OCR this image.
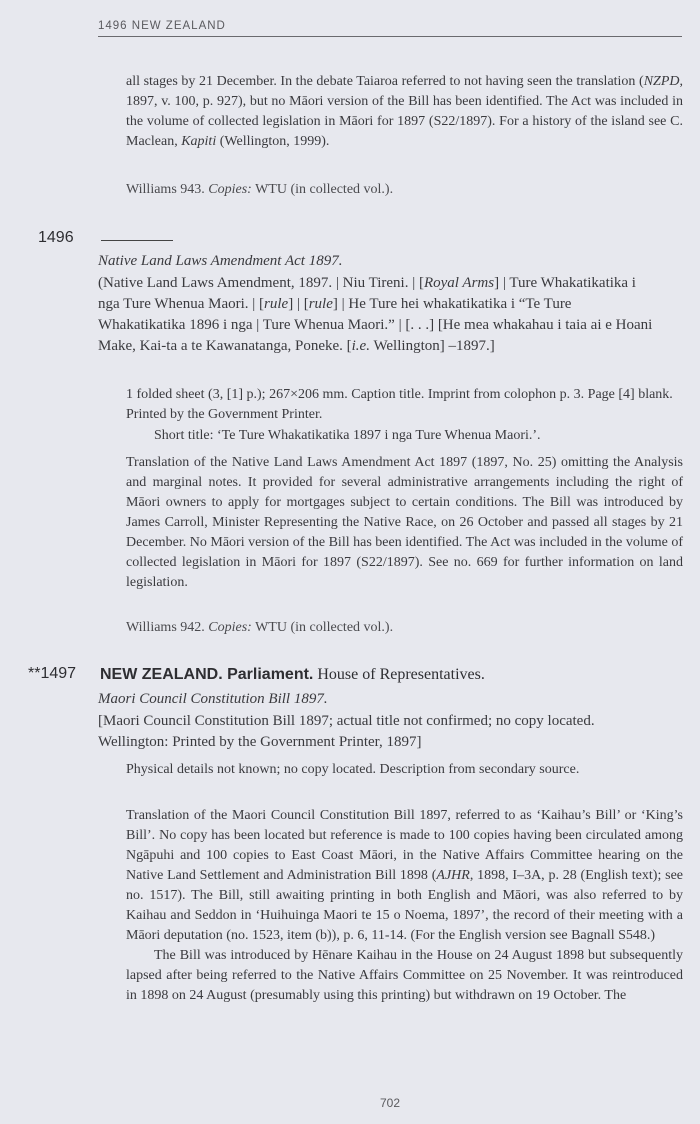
1496 NEW ZEALAND

all stages by 21 December. In the debate Taiaroa referred to not having seen the translation (NZPD, 1897, v. 100, p. 927), but no Māori version of the Bill has been identified. The Act was included in the volume of collected legislation in Māori for 1897 (S22/1897). For a history of the island see C. Maclean, Kapiti (Wellington, 1999).

Williams 943. Copies: WTU (in collected vol.).
1496
Native Land Laws Amendment Act 1897.

(Native Land Laws Amendment, 1897. | Niu Tireni. | [Royal Arms] | Ture Whakatikatika i nga Ture Whenua Maori. | [rule] | [rule] | He Ture hei whakatikatika i “Te Ture Whakatikatika 1896 i nga | Ture Whenua Maori.” | [. . .] [He mea whakahau i taia ai e Hoani Make, Kai-ta a te Kawanatanga, Poneke. [i.e. Wellington] –1897.]

1 folded sheet (3, [1] p.); 267×206 mm. Caption title. Imprint from colophon p. 3. Page [4] blank. Printed by the Government Printer.
Short title: ‘Te Ture Whakatikatika 1897 i nga Ture Whenua Maori.’.
Translation of the Native Land Laws Amendment Act 1897 (1897, No. 25) omitting the Analysis and marginal notes. It provided for several administrative arrangements including the right of Māori owners to apply for mortgages subject to certain conditions. The Bill was introduced by James Carroll, Minister Representing the Native Race, on 26 October and passed all stages by 21 December. No Māori version of the Bill has been identified. The Act was included in the volume of collected legislation in Māori for 1897 (S22/1897). See no. 669 for further information on land legislation.
Williams 942. Copies: WTU (in collected vol.).
**1497 NEW ZEALAND. Parliament. House of Representatives.
Maori Council Constitution Bill 1897.
[Maori Council Constitution Bill 1897; actual title not confirmed; no copy located. Wellington: Printed by the Government Printer, 1897]
Physical details not known; no copy located. Description from secondary source.

Translation of the Maori Council Constitution Bill 1897, referred to as ‘Kaihau’s Bill’ or ‘King’s Bill’. No copy has been located but reference is made to 100 copies having been circulated among Ngāpuhi and 100 copies to East Coast Māori, in the Native Affairs Committee hearing on the Native Land Settlement and Administration Bill 1898 (AJHR, 1898, I–3A, p. 28 (English text); see no. 1517). The Bill, still awaiting printing in both English and Māori, was also referred to by Kaihau and Seddon in ‘Huihuinga Maori te 15 o Noema, 1897’, the record of their meeting with a Māori deputation (no. 1523, item (b)), p. 6, 11-14. (For the English version see Bagnall S548.)

The Bill was introduced by Hēnare Kaihau in the House on 24 August 1898 but subsequently lapsed after being referred to the Native Affairs Committee on 25 November. It was reintroduced in 1898 on 24 August (presumably using this printing) but withdrawn on 19 October. The

702
